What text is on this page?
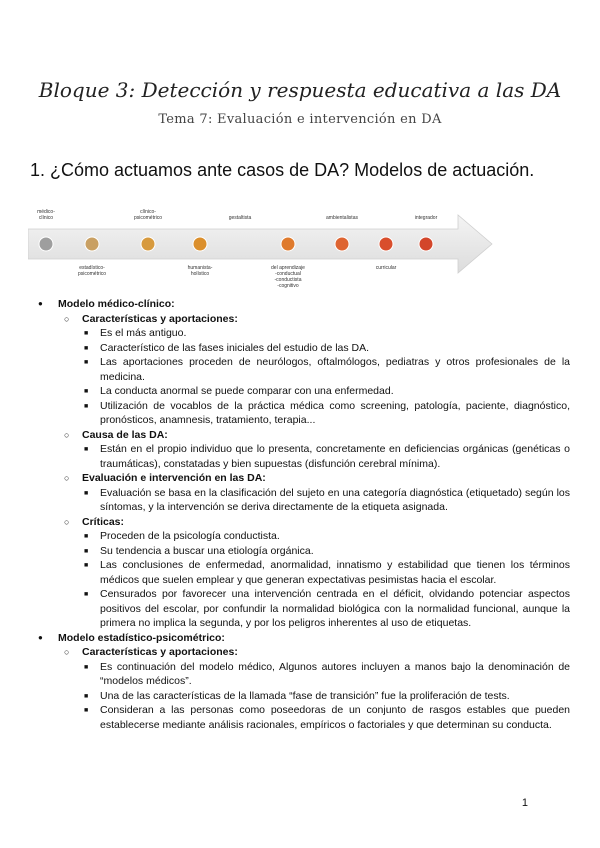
Bloque 3: Detección y respuesta educativa a las DA
Tema 7: Evaluación e intervención en DA
1. ¿Cómo actuamos ante casos de DA? Modelos de actuación.
médico-clínico
clínico-psicométrico	gestaltista	ambientalistas	integrador
estadístico-psicométrico
humanista-holístico
del aprendizaje -conductual -conductista -cognitivo
curricular
● Modelo médico-clínico:
○ Características y aportaciones:
■ Es el más antiguo.
■ Característico de las fases iniciales del estudio de las DA.
■ Las aportaciones proceden de neurólogos, oftalmólogos, pediatras y otros profesionales de la medicina.
■ La conducta anormal se puede comparar con una enfermedad.
■ Utilización de vocablos de la práctica médica como screening, patología, paciente, diagnóstico, pronósticos, anamnesis, tratamiento, terapia...
○ Causa de las DA:
■ Están en el propio individuo que lo presenta, concretamente en deficiencias orgánicas (genéticas o traumáticas), constatadas y bien supuestas (disfunción cerebral mínima).
○ Evaluación e intervención en las DA:
■ Evaluación se basa en la clasificación del sujeto en una categoría diagnóstica (etiquetado) según los síntomas, y la intervención se deriva directamente de la etiqueta asignada.
○ Críticas:
■ Proceden de la psicología conductista.
■ Su tendencia a buscar una etiología orgánica.
■ Las conclusiones de enfermedad, anormalidad, innatismo y estabilidad que tienen los términos médicos que suelen emplear y que generan expectativas pesimistas hacia el escolar.
■ Censurados por favorecer una intervención centrada en el déficit, olvidando potenciar aspectos positivos del escolar, por confundir la normalidad biológica con la normalidad funcional, aunque la primera no implica la segunda, y por los peligros inherentes al uso de etiquetas.
● Modelo estadístico-psicométrico:
○ Características y aportaciones:
■ Es continuación del modelo médico, Algunos autores incluyen a manos bajo la denominación de “modelos médicos”.
■ Una de las características de la llamada “fase de transición” fue la proliferación de tests.
■ Consideran a las personas como poseedoras de un conjunto de rasgos estables que pueden establecerse mediante análisis racionales, empíricos o factoriales y que determinan su conducta.
1
